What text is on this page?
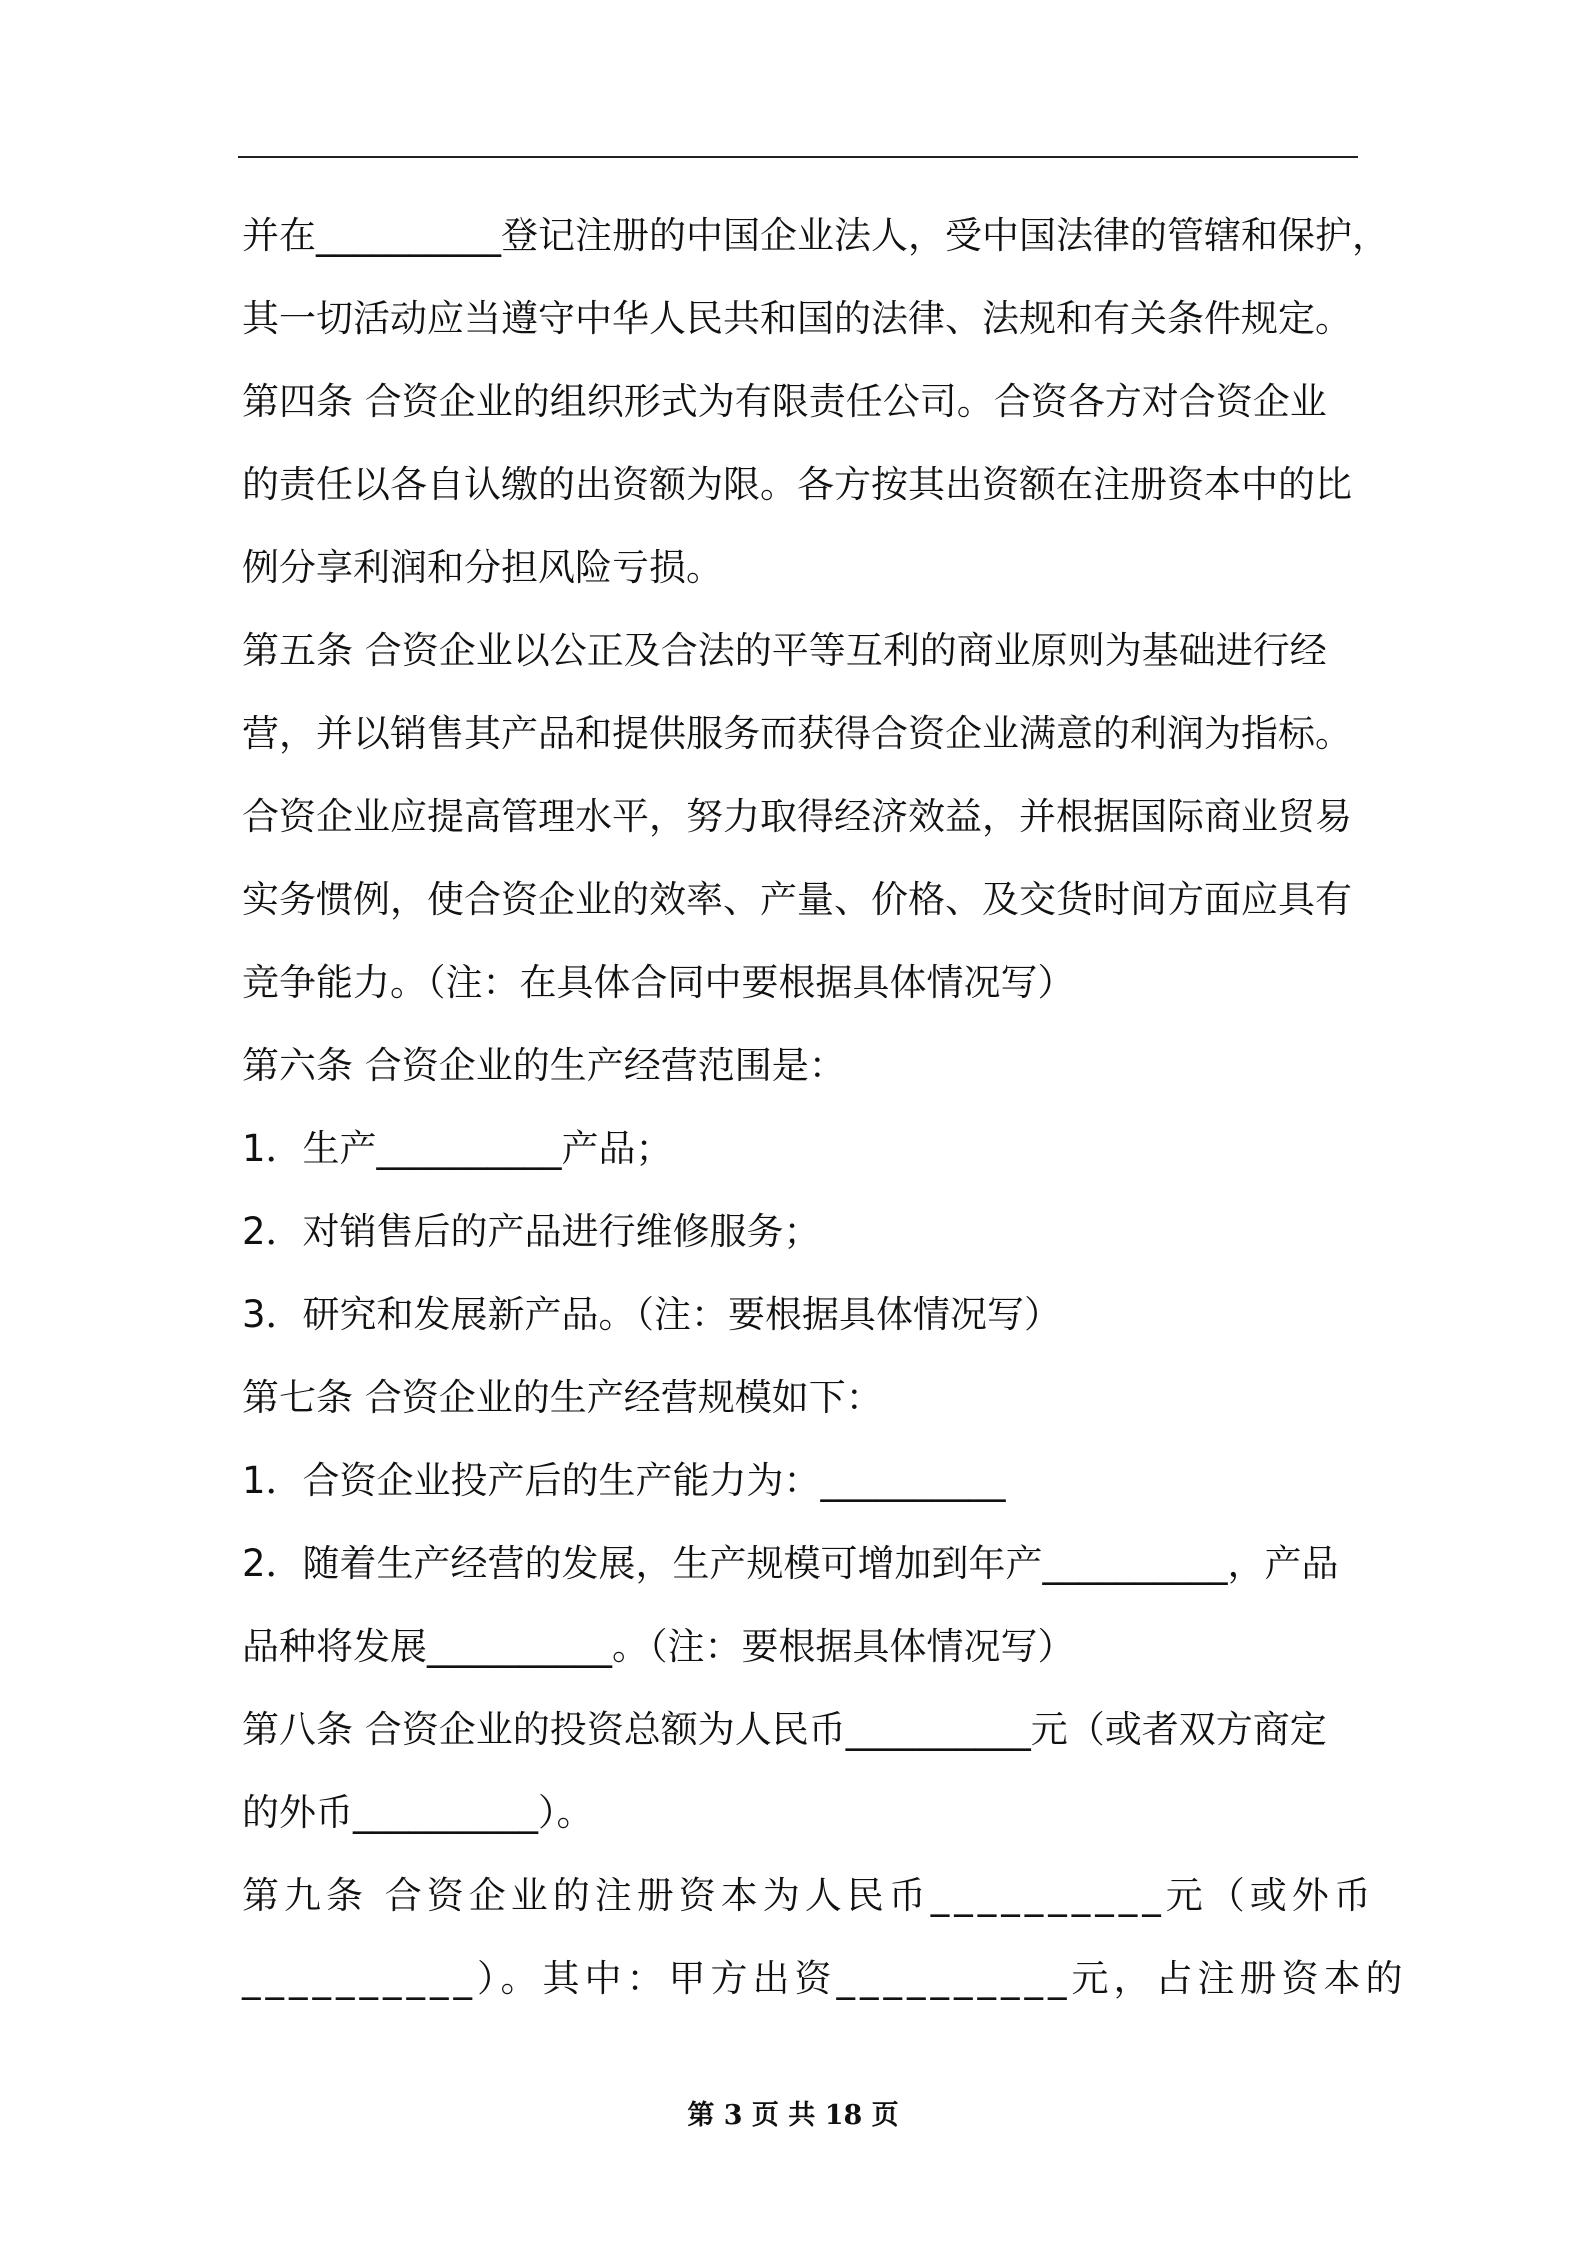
并在__________登记注册的中国企业法人，受中国法律的管辖和保护，
其一切活动应当遵守中华人民共和国的法律、法规和有关条件规定。
第四条 合资企业的组织形式为有限责任公司。合资各方对合资企业
的责任以各自认缴的出资额为限。各方按其出资额在注册资本中的比
例分享利润和分担风险亏损。
第五条 合资企业以公正及合法的平等互利的商业原则为基础进行经
营，并以销售其产品和提供服务而获得合资企业满意的利润为指标。
合资企业应提高管理水平，努力取得经济效益，并根据国际商业贸易
实务惯例，使合资企业的效率、产量、价格、及交货时间方面应具有
竞争能力。（注：在具体合同中要根据具体情况写）
第六条 合资企业的生产经营范围是：
1．生产__________产品；
2．对销售后的产品进行维修服务；
3．研究和发展新产品。（注：要根据具体情况写）
第七条 合资企业的生产经营规模如下：
1．合资企业投产后的生产能力为：__________
2．随着生产经营的发展，生产规模可增加到年产__________，产品
品种将发展__________。（注：要根据具体情况写）
第八条 合资企业的投资总额为人民币__________元（或者双方商定
的外币__________）。
第九条 合资企业的注册资本为人民币__________元（或外币
__________）。其中：甲方出资__________元，占注册资本的
第 3 页 共 18 页
